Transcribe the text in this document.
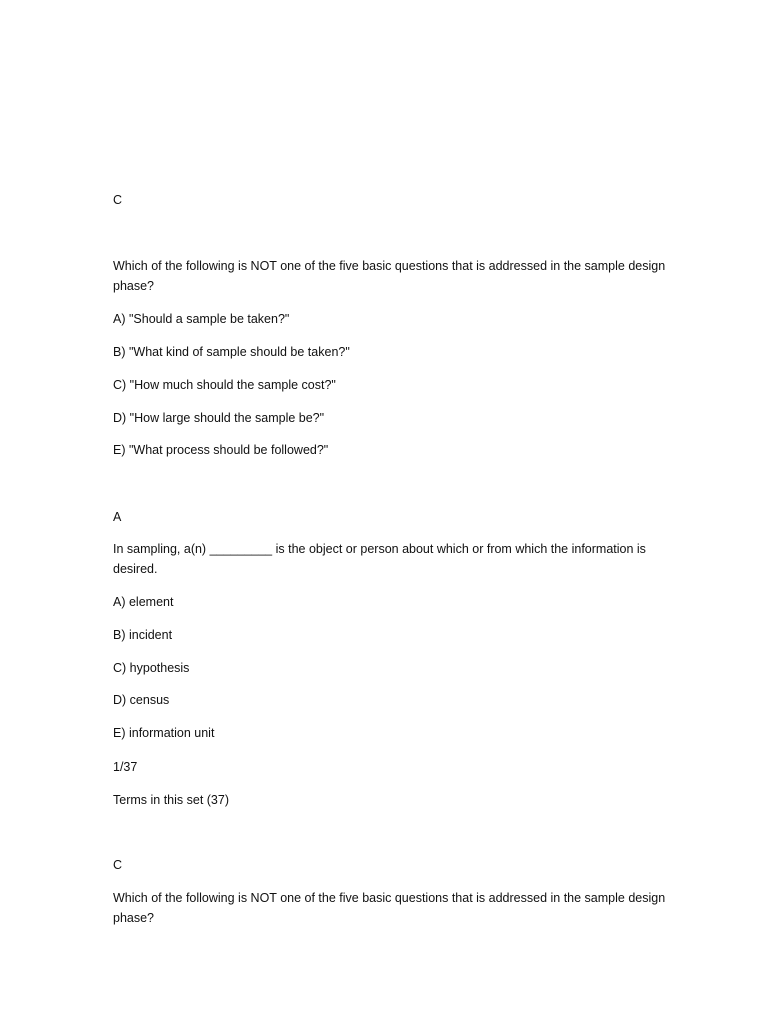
C
Which of the following is NOT one of the five basic questions that is addressed in the sample design phase?
A) "Should a sample be taken?"
B) "What kind of sample should be taken?"
C) "How much should the sample cost?"
D) "How large should the sample be?"
E) "What process should be followed?"
A
In sampling, a(n) _________ is the object or person about which or from which the information is desired.
A) element
B) incident
C) hypothesis
D) census
E) information unit
1/37
Terms in this set (37)
C
Which of the following is NOT one of the five basic questions that is addressed in the sample design phase?
